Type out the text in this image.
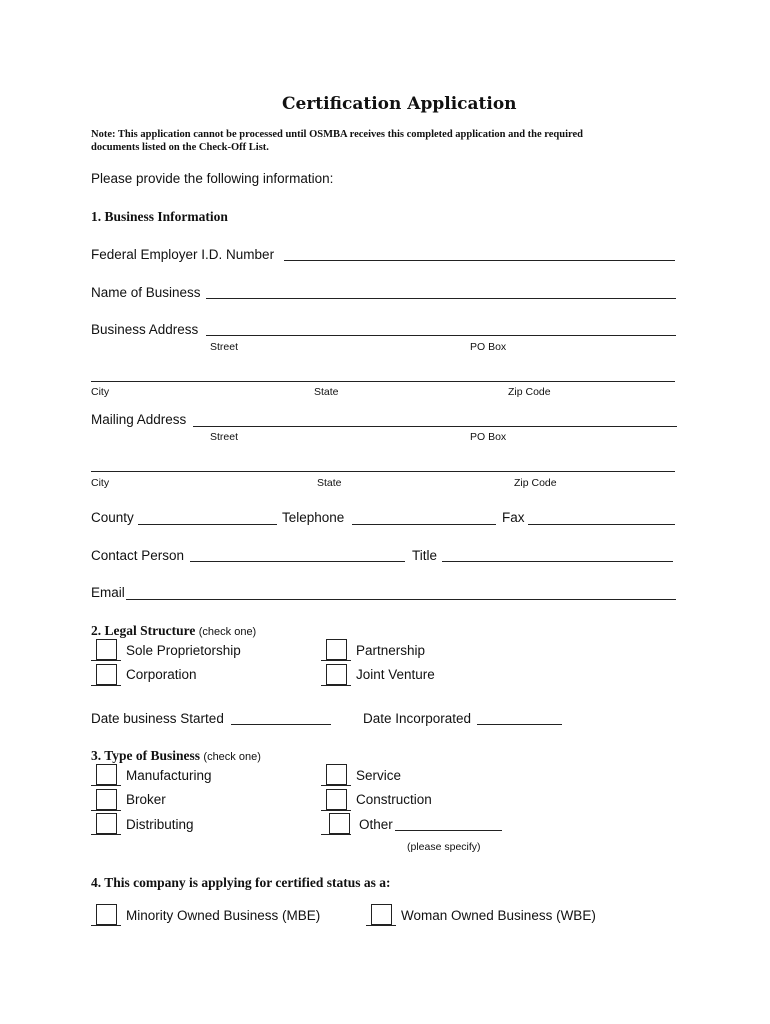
Certification Application
Note: This application cannot be processed until OSMBA receives this completed application and the required
documents listed on the Check-Off List.
Please provide the following information:
1. Business Information
Federal Employer I.D. Number
Name of Business
Business Address
Street	PO Box
City	State	Zip Code
Mailing Address
Street	PO Box
City	State	Zip Code
County	Telephone	Fax
Contact Person	Title
Email
2. Legal Structure (check one)
Sole Proprietorship	Partnership
Corporation	Joint Venture
Date business Started	Date Incorporated
3. Type of Business (check one)
Manufacturing	Service
Broker	Construction
Distributing	Other
(please specify)
4. This company is applying for certified status as a:
Minority Owned Business (MBE)	Woman Owned Business (WBE)
